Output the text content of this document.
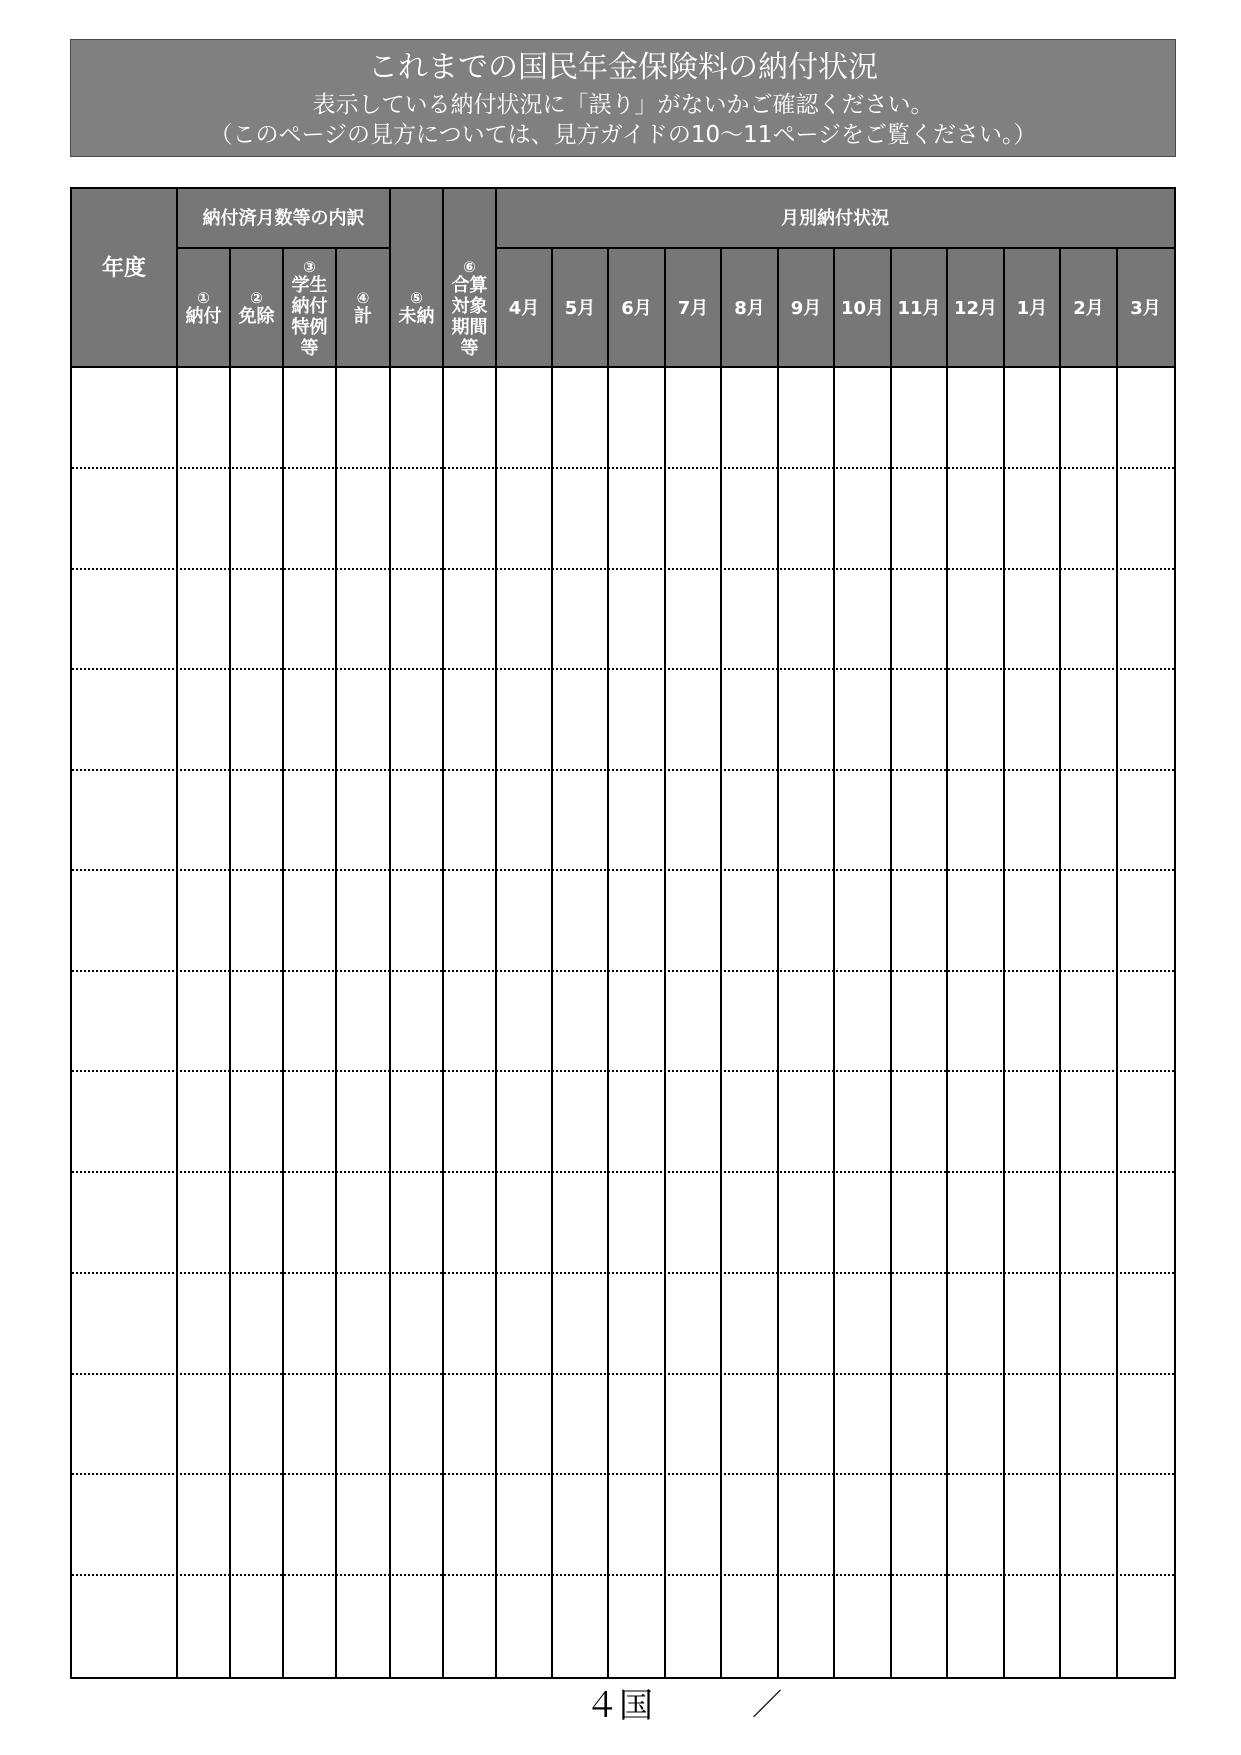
これまでの国民年金保険料の納付状況
表示している納付状況に「誤り」がないかご確認ください。
（このページの見方については、見方ガイドの10～11ページをご覧ください。）
年度
納付済月数等の内訳	月別納付状況
①
納付
②
免除
③
学生
納付
特例
等
④
計
⑤
未納
⑥
合算
対象
期間
等
4月 5月 6月 7月 8月 9月 10月 11月 12月 1月 2月 3月
４国	／
